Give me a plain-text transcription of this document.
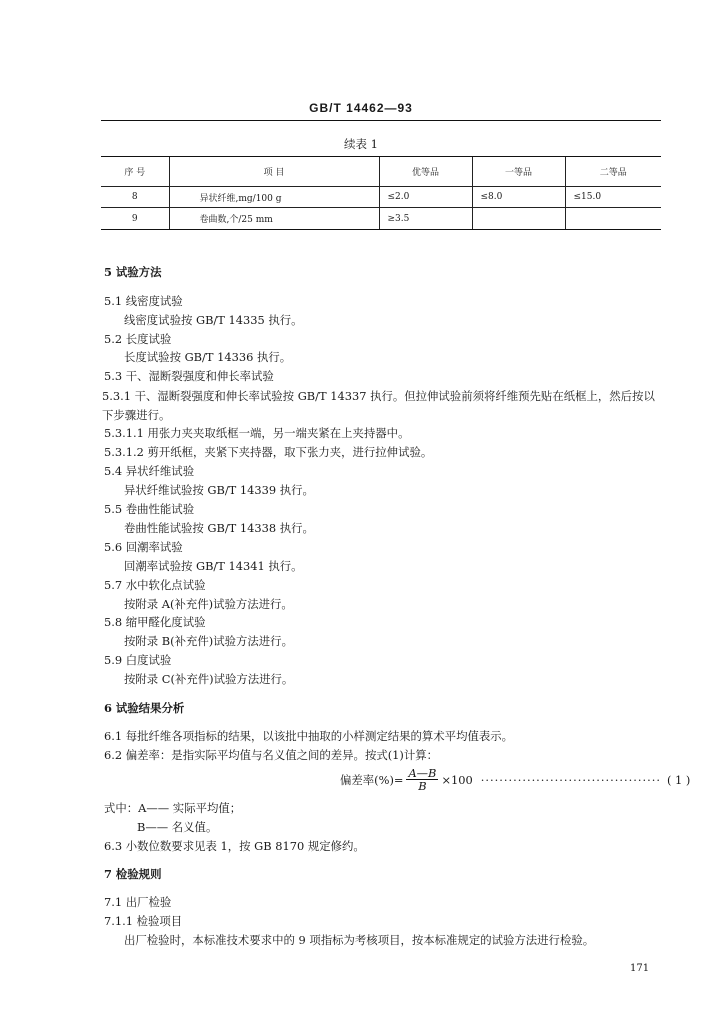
GB/T 14462—93
续表 1
序 号	项 目	优等品	一等品	二等品
8	异状纤维,mg/100 g	≤2.0	≤8.0	≤15.0
9	卷曲数,个/25 mm	≥3.5		
5 试验方法
5.1 线密度试验
线密度试验按 GB/T 14335 执行。
5.2 长度试验
长度试验按 GB/T 14336 执行。
5.3 干、湿断裂强度和伸长率试验
5.3.1 干、湿断裂强度和伸长率试验按 GB/T 14337 执行。但拉伸试验前须将纤维预先贴在纸框上，然后按以下步骤进行。
5.3.1.1 用张力夹夹取纸框一端，另一端夹紧在上夹持器中。
5.3.1.2 剪开纸框，夹紧下夹持器，取下张力夹，进行拉伸试验。
5.4 异状纤维试验
异状纤维试验按 GB/T 14339 执行。
5.5 卷曲性能试验
卷曲性能试验按 GB/T 14338 执行。
5.6 回潮率试验
回潮率试验按 GB/T 14341 执行。
5.7 水中软化点试验
按附录 A(补充件)试验方法进行。
5.8 缩甲醛化度试验
按附录 B(补充件)试验方法进行。
5.9 白度试验
按附录 C(补充件)试验方法进行。
6 试验结果分析
6.1 每批纤维各项指标的结果，以该批中抽取的小样测定结果的算术平均值表示。
6.2 偏差率：是指实际平均值与名义值之间的差异。按式(1)计算：
偏差率(%)= $\frac{A—B}{B} \times 100$ ······································· ( 1 )
式中：A—— 实际平均值；
B—— 名义值。
6.3 小数位数要求见表 1，按 GB 8170 规定修约。
7 检验规则
7.1 出厂检验
7.1.1 检验项目
出厂检验时，本标准技术要求中的 9 项指标为考核项目，按本标准规定的试验方法进行检验。
171
